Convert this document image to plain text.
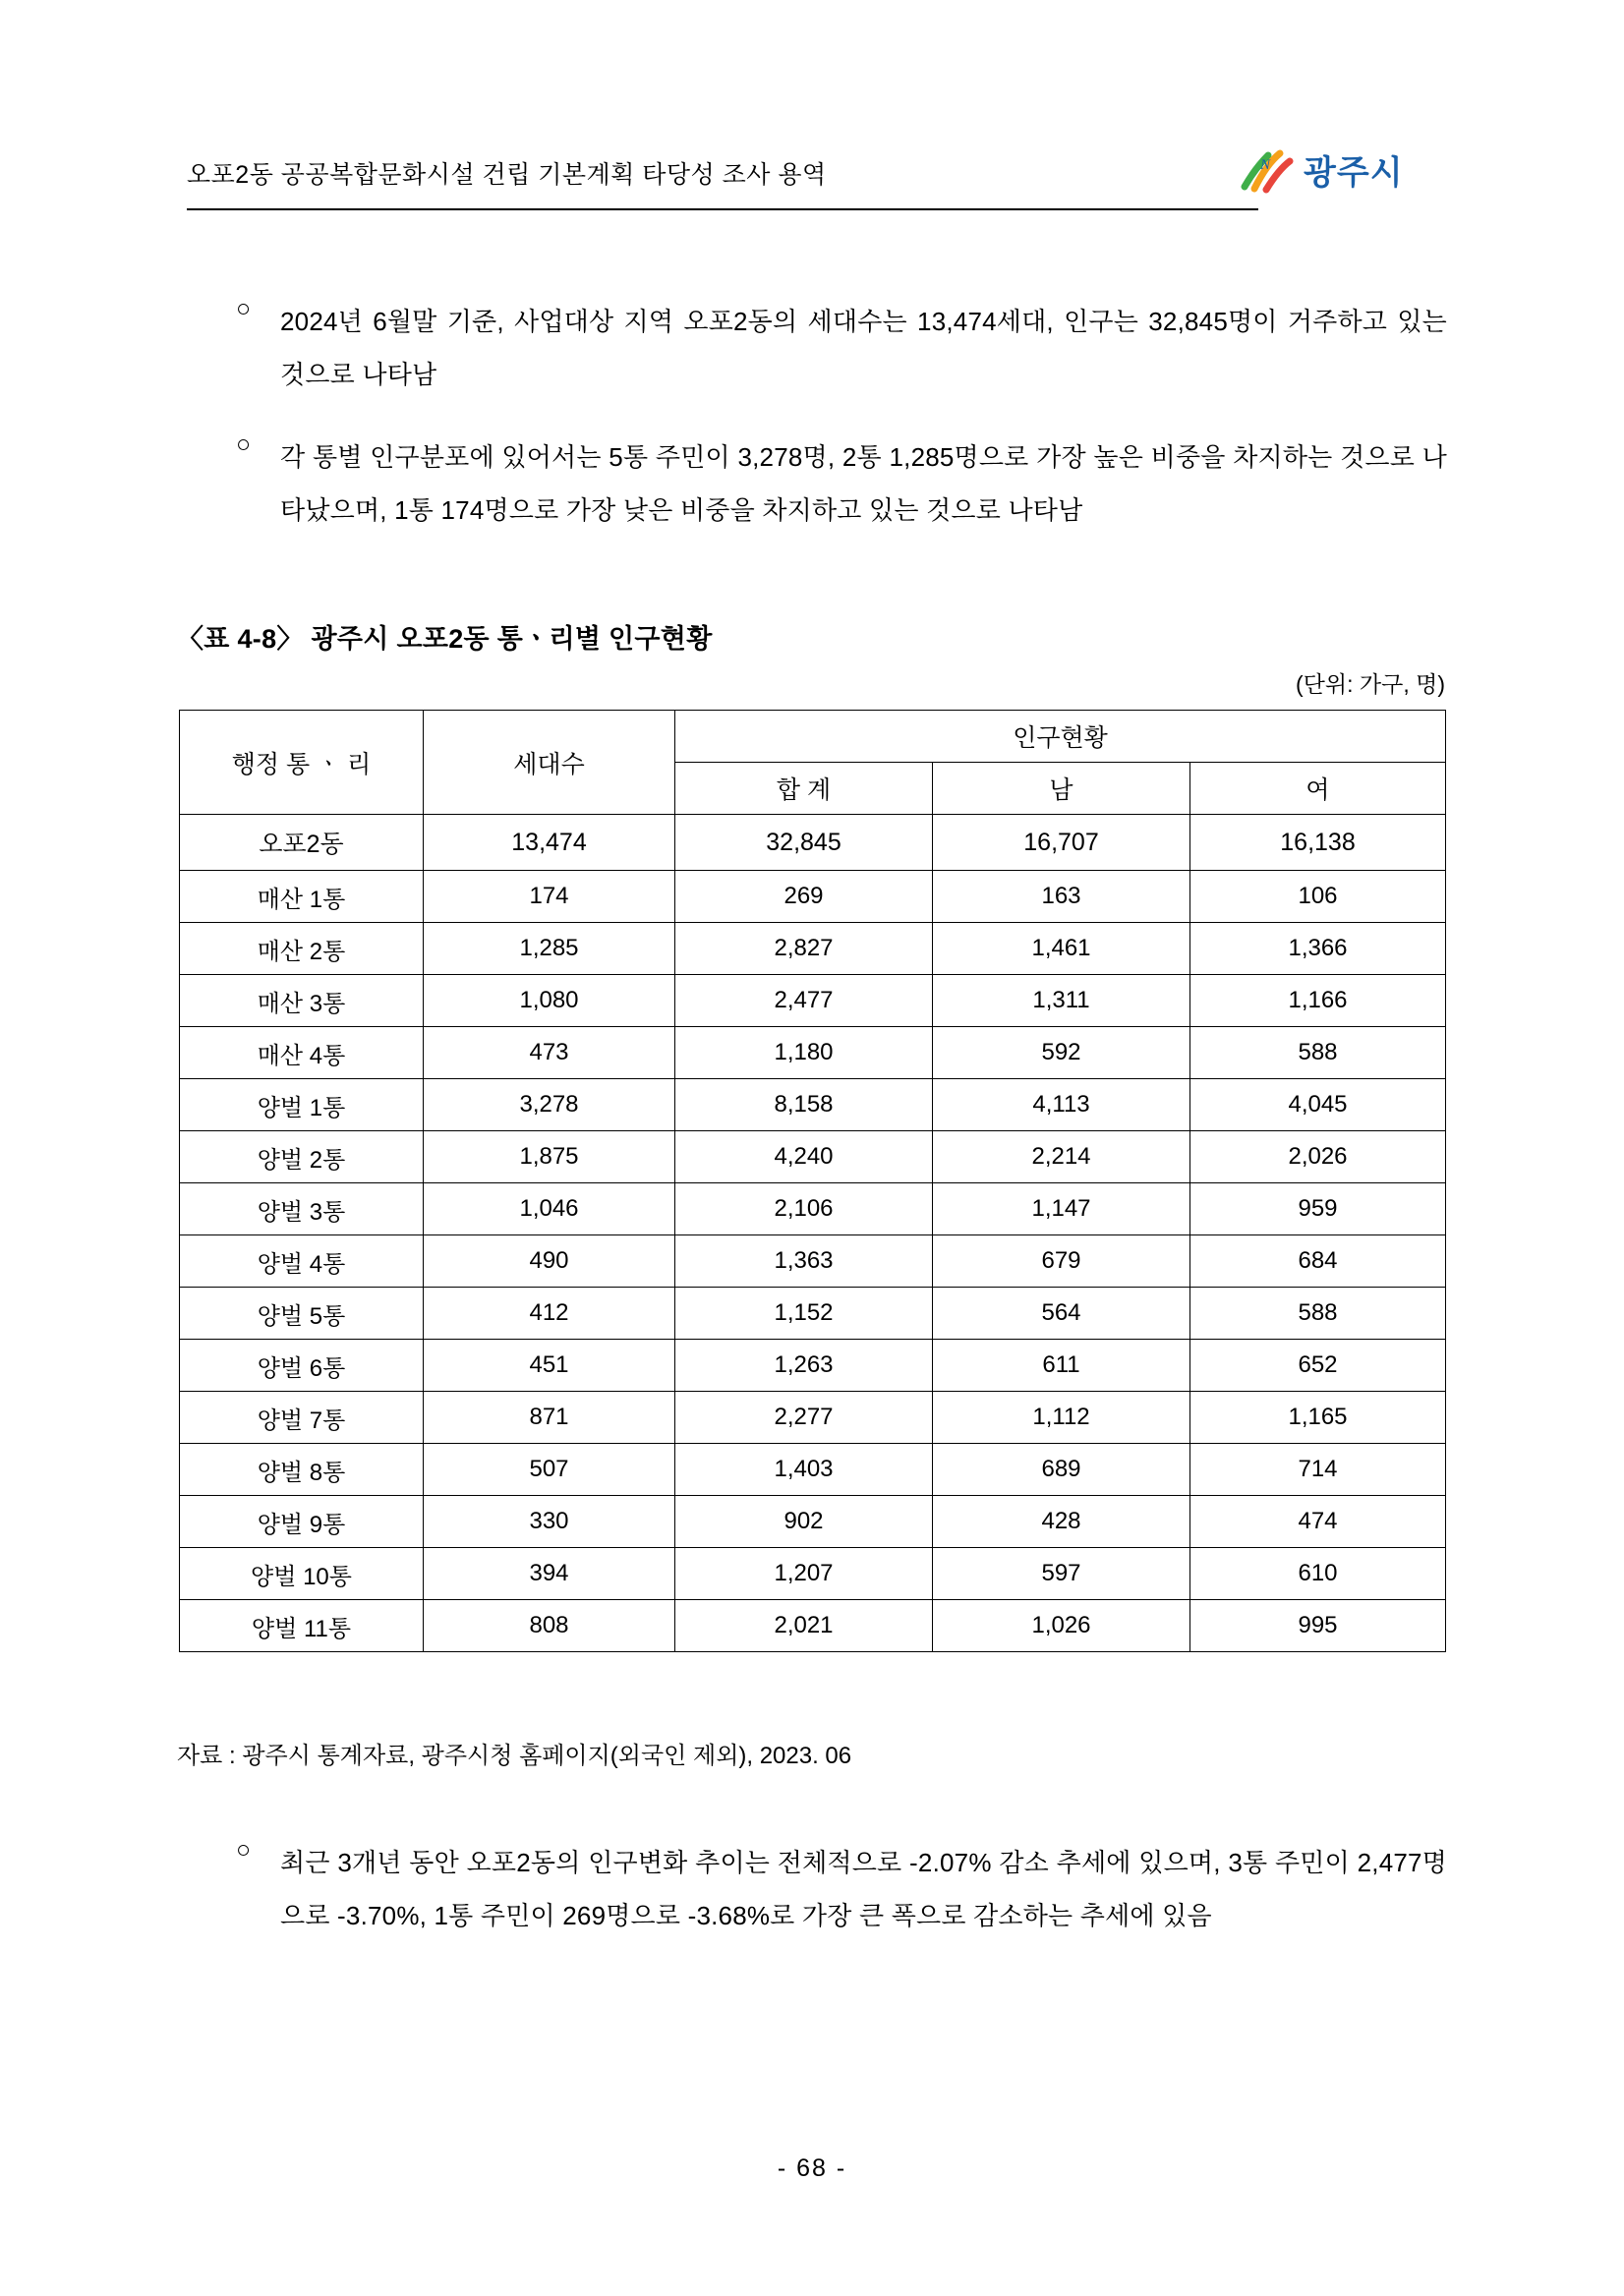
오포2동 공공복합문화시설 건립 기본계획 타당성 조사 용역	N 광주시
○ 2024년 6월말 기준, 사업대상 지역 오포2동의 세대수는 13,474세대, 인구는 32,845명이 거주하고 있는 것으로 나타남
○ 각 통별 인구분포에 있어서는 5통 주민이 3,278명, 2통 1,285명으로 가장 높은 비중을 차지하는 것으로 나타났으며, 1통 174명으로 가장 낮은 비중을 차지하고 있는 것으로 나타남
〈표 4-8〉 광주시 오포2동 통ㆍ리별 인구현황
(단위: 가구, 명)
행정 통 ㆍ 리	세대수	인구현황		
		합 계	남	여
오포2동	13,474	32,845	16,707	16,138
매산 1통	174	269	163	106
매산 2통	1,285	2,827	1,461	1,366
매산 3통	1,080	2,477	1,311	1,166
매산 4통	473	1,180	592	588
양벌 1통	3,278	8,158	4,113	4,045
양벌 2통	1,875	4,240	2,214	2,026
양벌 3통	1,046	2,106	1,147	959
양벌 4통	490	1,363	679	684
양벌 5통	412	1,152	564	588
양벌 6통	451	1,263	611	652
양벌 7통	871	2,277	1,112	1,165
양벌 8통	507	1,403	689	714
양벌 9통	330	902	428	474
양벌 10통	394	1,207	597	610
양벌 11통	808	2,021	1,026	995
자료 : 광주시 통계자료, 광주시청 홈페이지(외국인 제외), 2023. 06
○ 최근 3개년 동안 오포2동의 인구변화 추이는 전체적으로 -2.07% 감소 추세에 있으며, 3통 주민이 2,477명으로 -3.70%, 1통 주민이 269명으로 -3.68%로 가장 큰 폭으로 감소하는 추세에 있음
- 68 -
